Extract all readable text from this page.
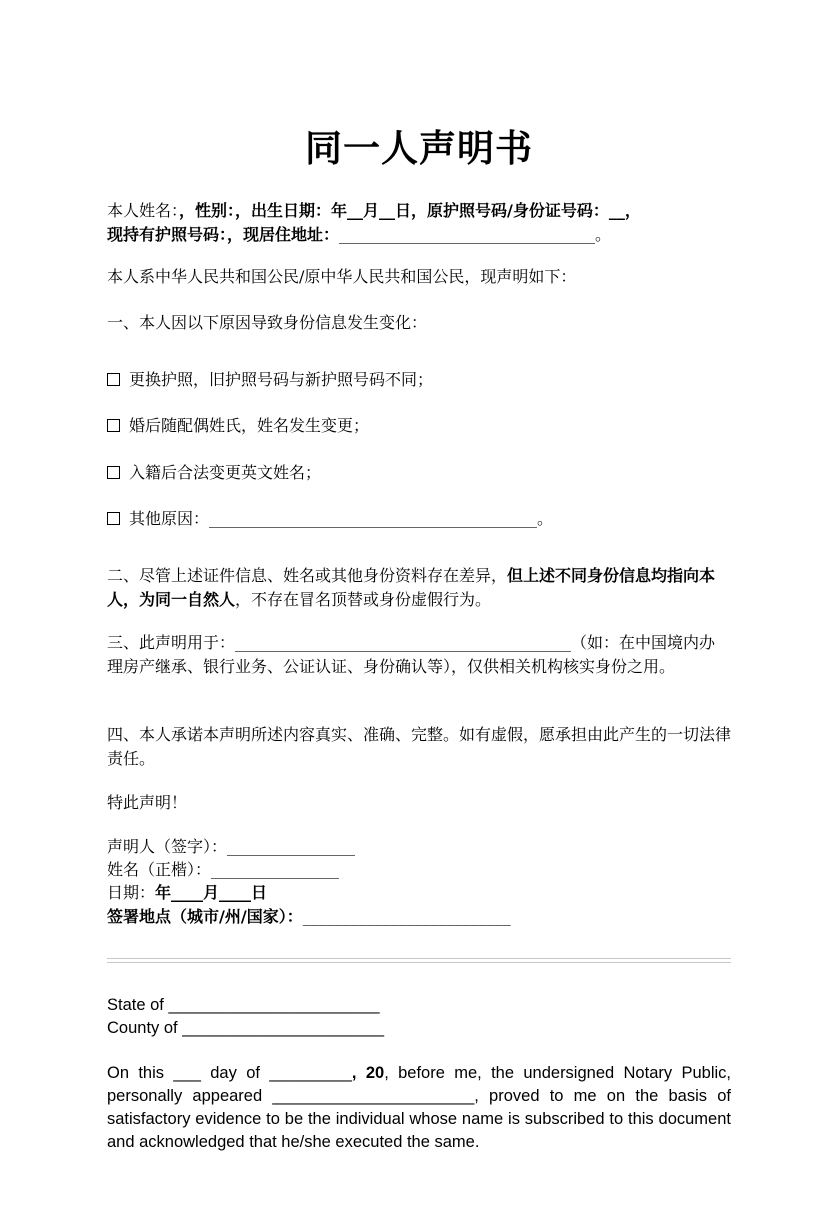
同一人声明书
本人姓名：，性别：，出生日期：年__月__日，原护照号码/身份证号码：__，
现持有护照号码：，现居住地址：________________________________。
本人系中华人民共和国公民/原中华人民共和国公民，现声明如下：
一、本人因以下原因导致身份信息发生变化：
更换护照，旧护照号码与新护照号码不同；
婚后随配偶姓氏，姓名发生变更；
入籍后合法变更英文姓名；
其他原因：_________________________________________。
二、尽管上述证件信息、姓名或其他身份资料存在差异，但上述不同身份信息均指向本人，为同一自然人，不存在冒名顶替或身份虚假行为。
三、此声明用于：__________________________________________（如：在中国境内办理房产继承、银行业务、公证认证、身份确认等），仅供相关机构核实身份之用。
四、本人承诺本声明所述内容真实、准确、完整。如有虚假，愿承担由此产生的一切法律责任。
特此声明！
声明人（签字）：________________
姓名（正楷）：________________
日期：年____月____日
签署地点（城市/州/国家）：__________________________
State of _______________________
County of ______________________
On this ___ day of _________, 20, before me, the undersigned Notary Public, personally appeared ______________________, proved to me on the basis of satisfactory evidence to be the individual whose name is subscribed to this document and acknowledged that he/she executed the same.
